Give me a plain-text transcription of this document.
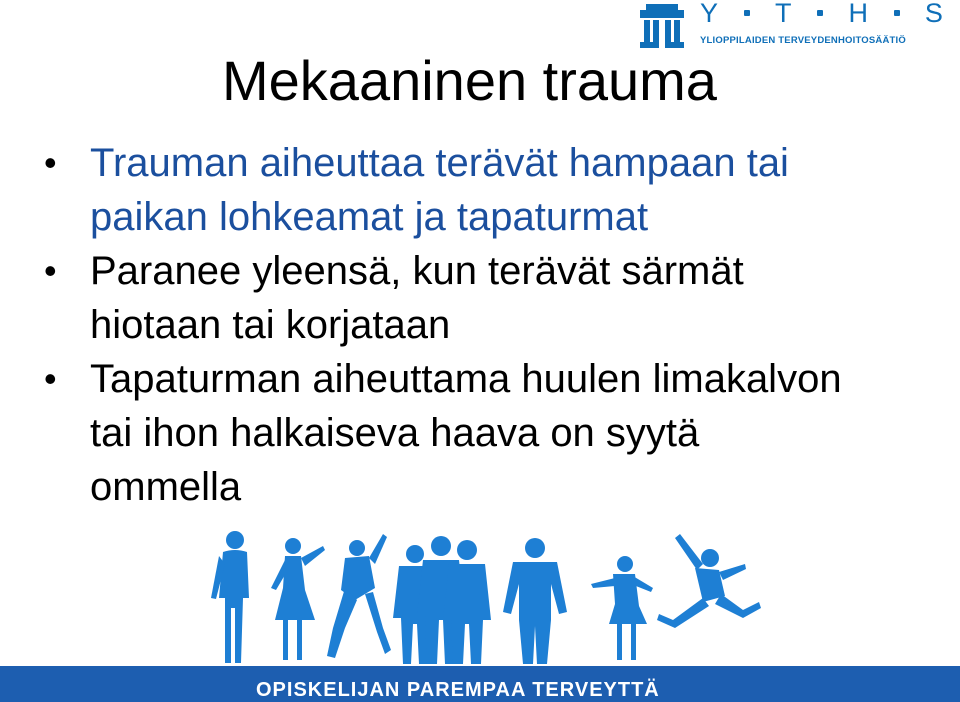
Y T H S
YLIOPPILAIDEN TERVEYDENHOITOSÄÄTIÖ
Mekaaninen trauma
• Trauman aiheuttaa terävät hampaan tai
paikan lohkeamat ja tapaturmat
• Paranee yleensä, kun terävät särmät
hiotaan tai korjataan
• Tapaturman aiheuttama huulen limakalvon
tai ihon halkaiseva haava on syytä
ommella
OPISKELIJAN PAREMPAA TERVEYTTÄ
